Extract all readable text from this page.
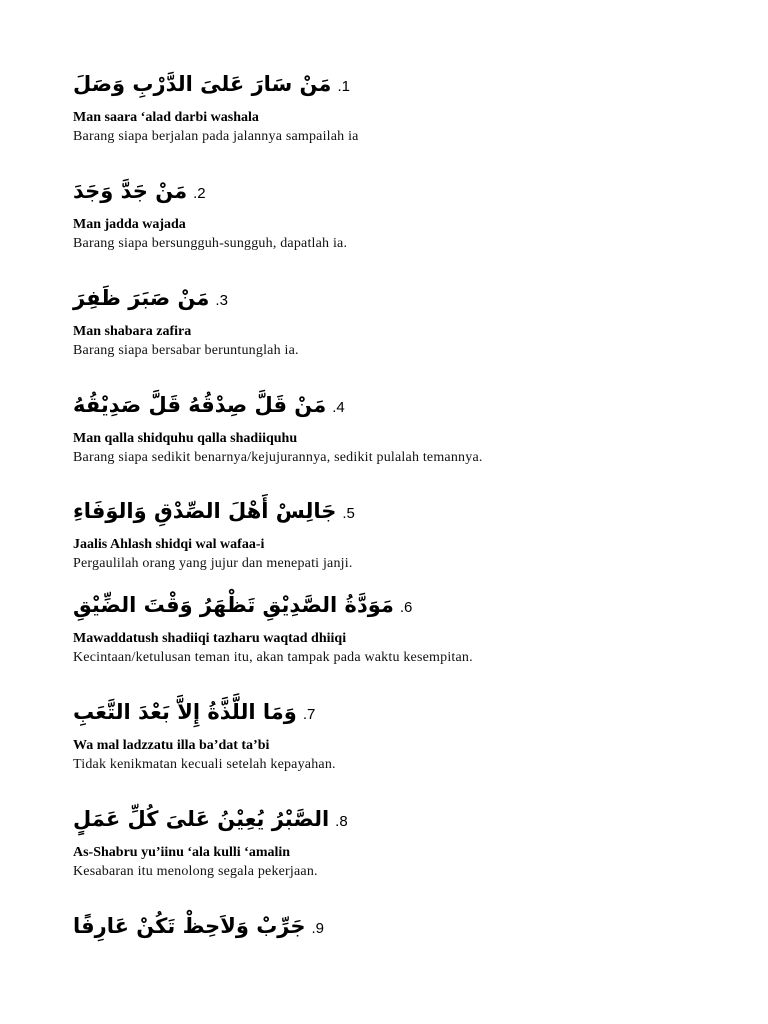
مَنْ سَارَ عَلىَ الدَّرْبِ وَصَلَ .1
Man saara ‘alad darbi washala
Barang siapa berjalan pada jalannya sampailah ia
مَنْ جَدَّ وَجَدَ .2
Man jadda wajada
Barang siapa bersungguh-sungguh, dapatlah ia.
مَنْ صَبَرَ ظَفِرَ .3
Man shabara zafira
Barang siapa bersabar beruntunglah ia.
مَنْ قَلَّ صِدْقُهُ قَلَّ صَدِيْقُهُ .4
Man qalla shidquhu qalla shadiiquhu
Barang siapa sedikit benarnya/kejujurannya, sedikit pulalah temannya.
جَالِسْ أَهْلَ الصِّدْقِ وَالوَفَاءِ .5
Jaalis Ahlash shidqi wal wafaa-i
Pergaulilah orang yang jujur dan menepati janji.
مَوَدَّةُ الصَّدِيْقِ تَظْهَرُ وَقْتَ الضِّيْقِ .6
Mawaddatush shadiiqi tazharu waqtad dhiiqi
Kecintaan/ketulusan teman itu, akan tampak pada waktu kesempitan.
وَمَا اللَّذَّةُ إِلاَّ بَعْدَ التَّعَبِ .7
Wa mal ladzzatu illa ba’dat ta’bi
Tidak kenikmatan kecuali setelah kepayahan.
الصَّبْرُ يُعِيْنُ عَلىَ كُلِّ عَمَلٍ .8
As-Shabru yu’iinu ‘ala kulli ‘amalin
Kesabaran itu menolong segala pekerjaan.
جَرِّبْ وَلاَحِظْ تَكُنْ عَارِفًا .9
